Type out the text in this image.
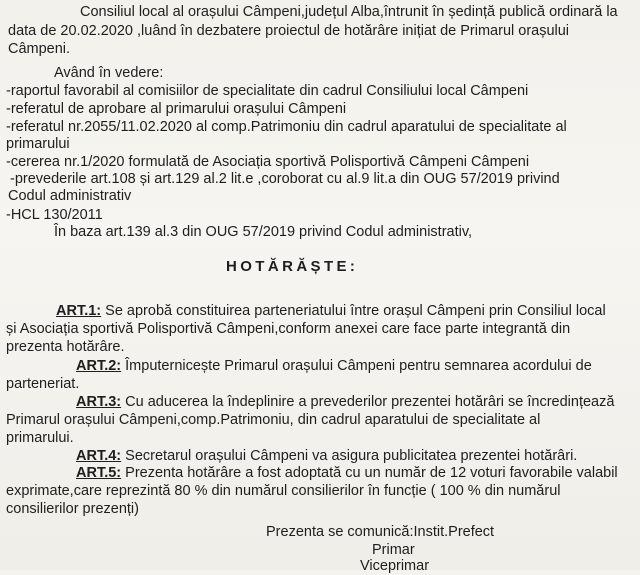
Consiliul local al orașului Câmpeni,județul Alba,întrunit în ședință publică ordinară la
data de 20.02.2020 ,luând în dezbatere proiectul de hotărâre inițiat de Primarul orașului
Câmpeni.
Având în vedere:
-raportul favorabil al comisiilor de specialitate din cadrul Consiliului local Câmpeni
-referatul de aprobare al primarului orașului Câmpeni
-referatul nr.2055/11.02.2020 al comp.Patrimoniu din cadrul aparatului de specialitate al
primarului
-cererea nr.1/2020 formulată de Asociația sportivă Polisportivă Câmpeni Câmpeni
-prevederile art.108 și art.129 al.2 lit.e ,coroborat cu al.9 lit.a din OUG 57/2019 privind
Codul administrativ
-HCL 130/2011
În baza art.139 al.3 din OUG 57/2019 privind Codul administrativ,
HOTĂRĂȘTE:
ART.1: Se aprobă constituirea parteneriatului între orașul Câmpeni prin Consiliul local
și Asociația sportivă Polisportivă Câmpeni,conform anexei care face parte integrantă din
prezenta hotărâre.
ART.2: Împuternicește Primarul orașului Câmpeni pentru semnarea acordului de
parteneriat.
ART.3: Cu aducerea la îndeplinire a prevederilor prezentei hotărâri se încredințează
Primarul orașului Câmpeni,comp.Patrimoniu, din cadrul aparatului de specialitate al
primarului.
ART.4: Secretarul orașului Câmpeni va asigura publicitatea prezentei hotărâri.
ART.5: Prezenta hotărâre a fost adoptată cu un număr de 12 voturi favorabile valabil
exprimate,care reprezintă 80 % din numărul consilierilor în funcție ( 100 % din numărul
consilierilor prezenți)
Prezenta se comunică:Instit.Prefect
Primar
Viceprimar
